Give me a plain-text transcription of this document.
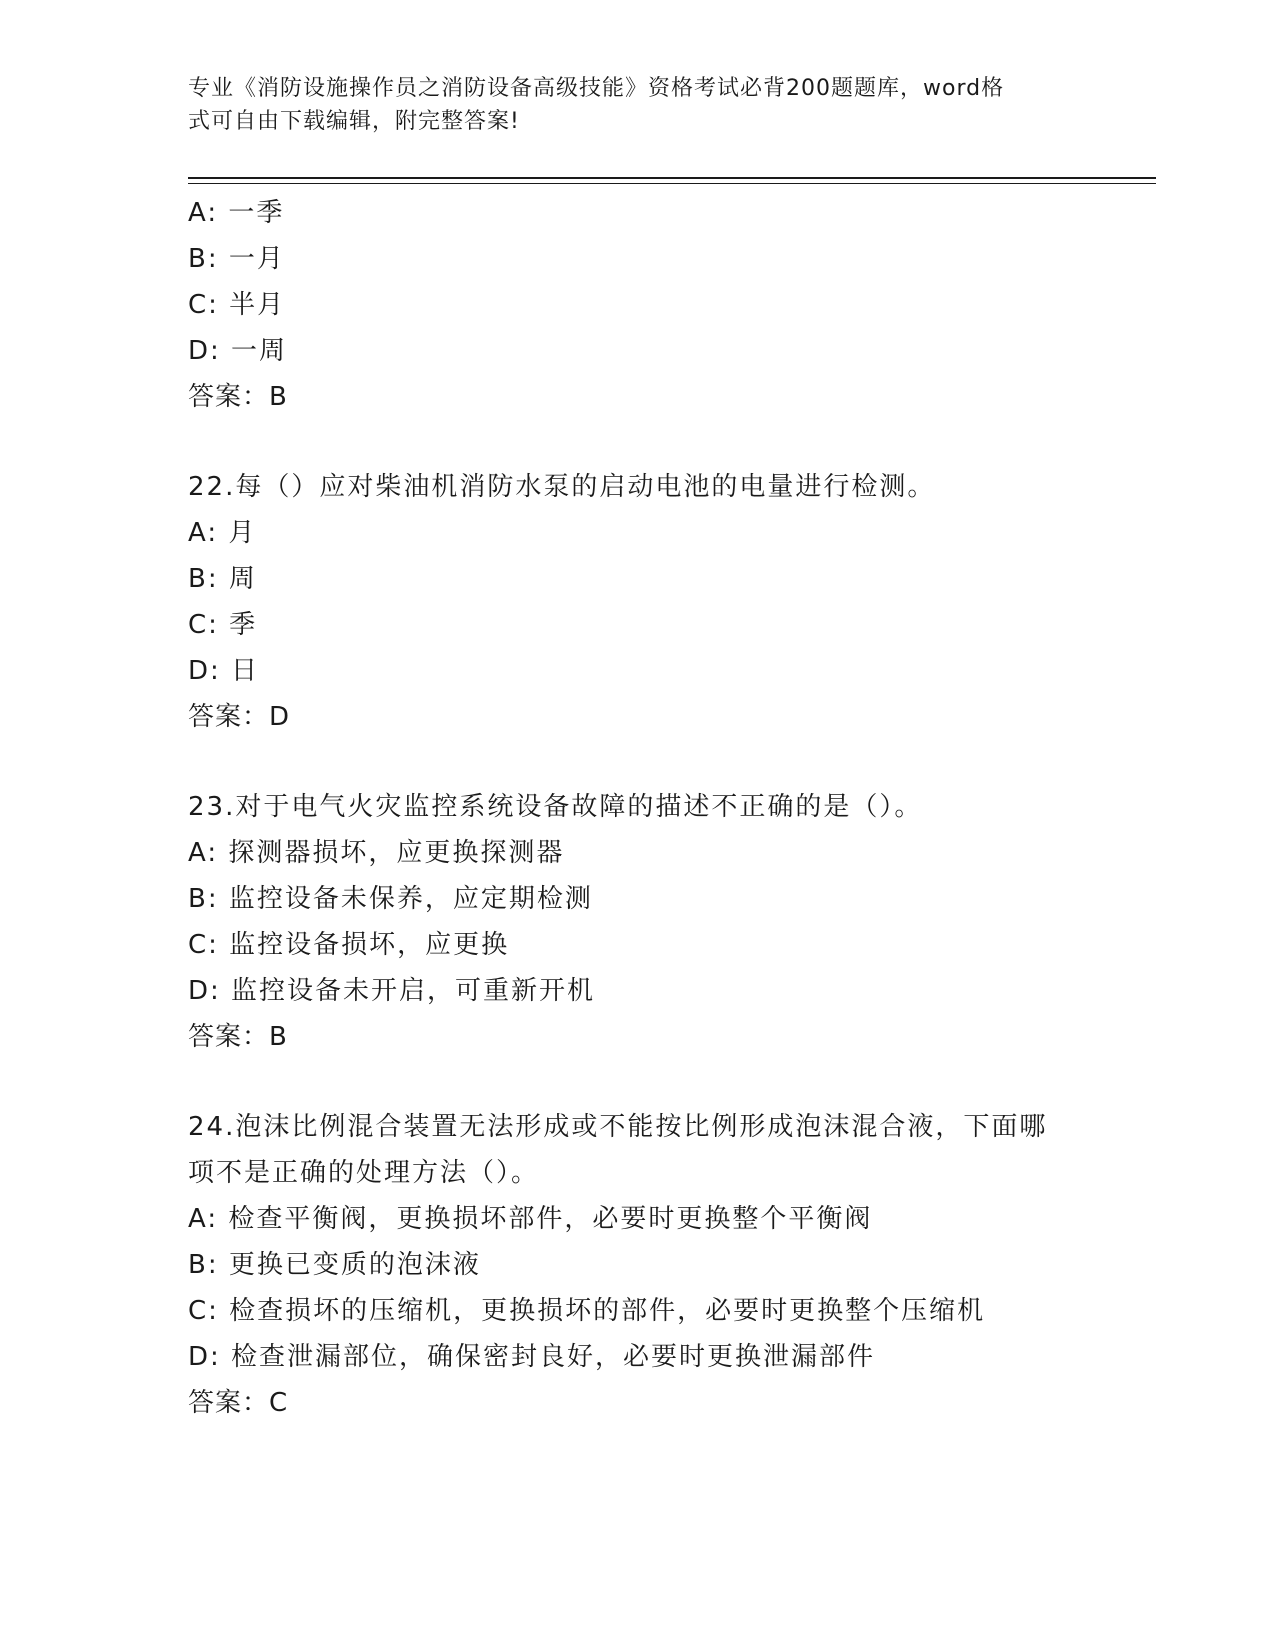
专业《消防设施操作员之消防设备高级技能》资格考试必背200题题库，word格
式可自由下载编辑，附完整答案!
A: 一季
B: 一月
C: 半月
D: 一周
答案：B
22.每（）应对柴油机消防水泵的启动电池的电量进行检测。
A: 月
B: 周
C: 季
D: 日
答案：D
23.对于电气火灾监控系统设备故障的描述不正确的是（）。
A: 探测器损坏，应更换探测器
B: 监控设备未保养，应定期检测
C: 监控设备损坏，应更换
D: 监控设备未开启，可重新开机
答案：B
24.泡沫比例混合装置无法形成或不能按比例形成泡沫混合液，下面哪
项不是正确的处理方法（）。
A: 检查平衡阀，更换损坏部件，必要时更换整个平衡阀
B: 更换已变质的泡沫液
C: 检查损坏的压缩机，更换损坏的部件，必要时更换整个压缩机
D: 检查泄漏部位，确保密封良好，必要时更换泄漏部件
答案：C
